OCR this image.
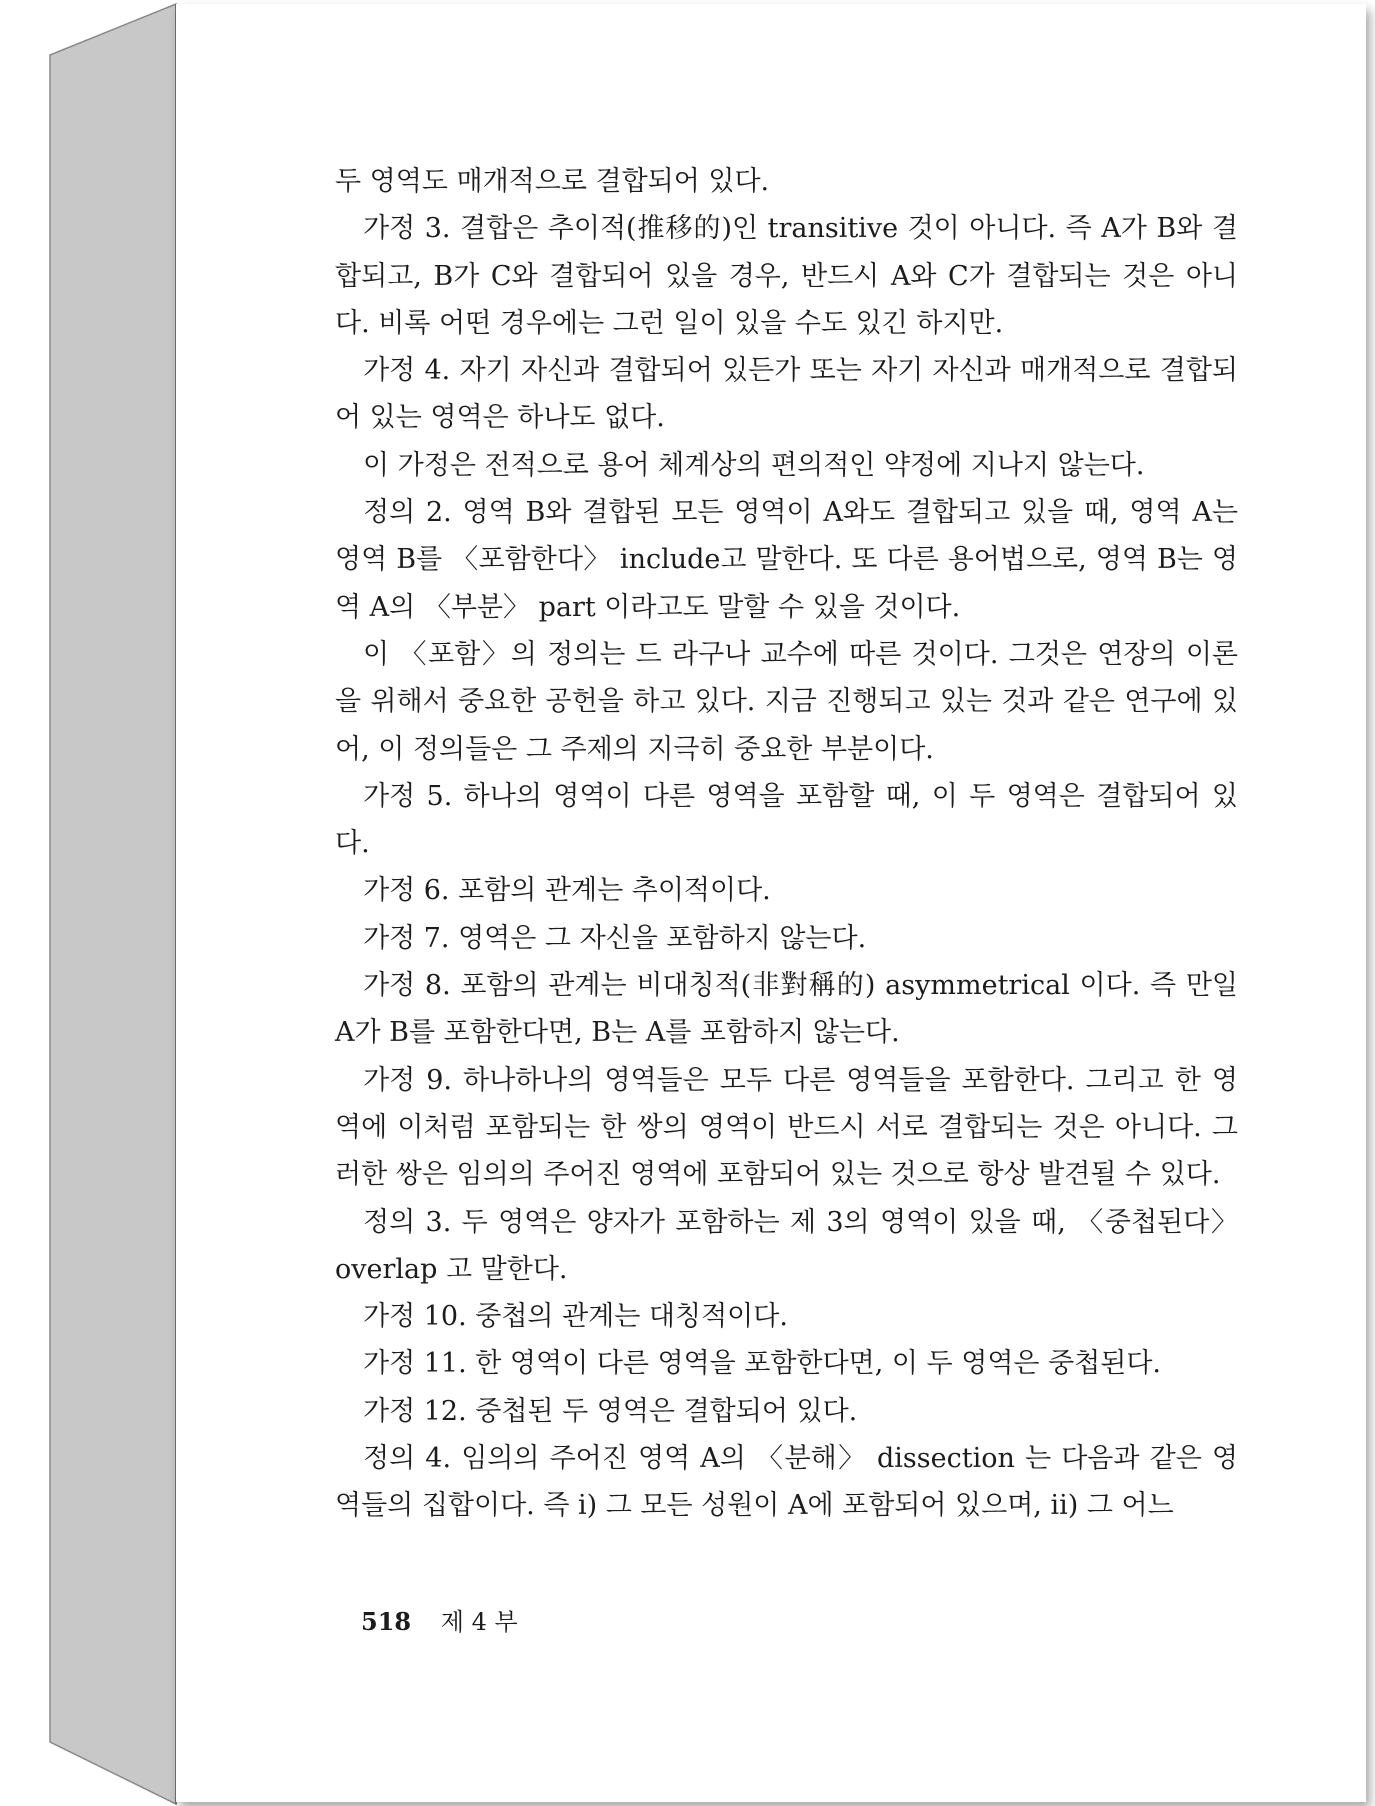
두 영역도 매개적으로 결합되어 있다.

가정 3. 결합은 추이적(推移的)인 transitive 것이 아니다. 즉 A가 B와 결합되고, B가 C와 결합되어 있을 경우, 반드시 A와 C가 결합되는 것은 아니다. 비록 어떤 경우에는 그런 일이 있을 수도 있긴 하지만.

가정 4. 자기 자신과 결합되어 있든가 또는 자기 자신과 매개적으로 결합되어 있는 영역은 하나도 없다.

이 가정은 전적으로 용어 체계상의 편의적인 약정에 지나지 않는다.

정의 2. 영역 B와 결합된 모든 영역이 A와도 결합되고 있을 때, 영역 A는 영역 B를 〈포함한다〉 include고 말한다. 또 다른 용어법으로, 영역 B는 영역 A의 〈부분〉 part 이라고도 말할 수 있을 것이다.

이 〈포함〉의 정의는 드 라구나 교수에 따른 것이다. 그것은 연장의 이론을 위해서 중요한 공헌을 하고 있다. 지금 진행되고 있는 것과 같은 연구에 있어, 이 정의들은 그 주제의 지극히 중요한 부분이다.

가정 5. 하나의 영역이 다른 영역을 포함할 때, 이 두 영역은 결합되어 있다.

가정 6. 포함의 관계는 추이적이다.

가정 7. 영역은 그 자신을 포함하지 않는다.

가정 8. 포함의 관계는 비대칭적(非對稱的) asymmetrical 이다. 즉 만일 A가 B를 포함한다면, B는 A를 포함하지 않는다.

가정 9. 하나하나의 영역들은 모두 다른 영역들을 포함한다. 그리고 한 영역에 이처럼 포함되는 한 쌍의 영역이 반드시 서로 결합되는 것은 아니다. 그러한 쌍은 임의의 주어진 영역에 포함되어 있는 것으로 항상 발견될 수 있다.

정의 3. 두 영역은 양자가 포함하는 제 3의 영역이 있을 때, 〈중첩된다〉 overlap 고 말한다.

가정 10. 중첩의 관계는 대칭적이다.

가정 11. 한 영역이 다른 영역을 포함한다면, 이 두 영역은 중첩된다.

가정 12. 중첩된 두 영역은 결합되어 있다.

정의 4. 임의의 주어진 영역 A의 〈분해〉 dissection 는 다음과 같은 영역들의 집합이다. 즉 ⅰ) 그 모든 성원이 A에 포함되어 있으며, ⅱ) 그 어느

518 제 4 부
